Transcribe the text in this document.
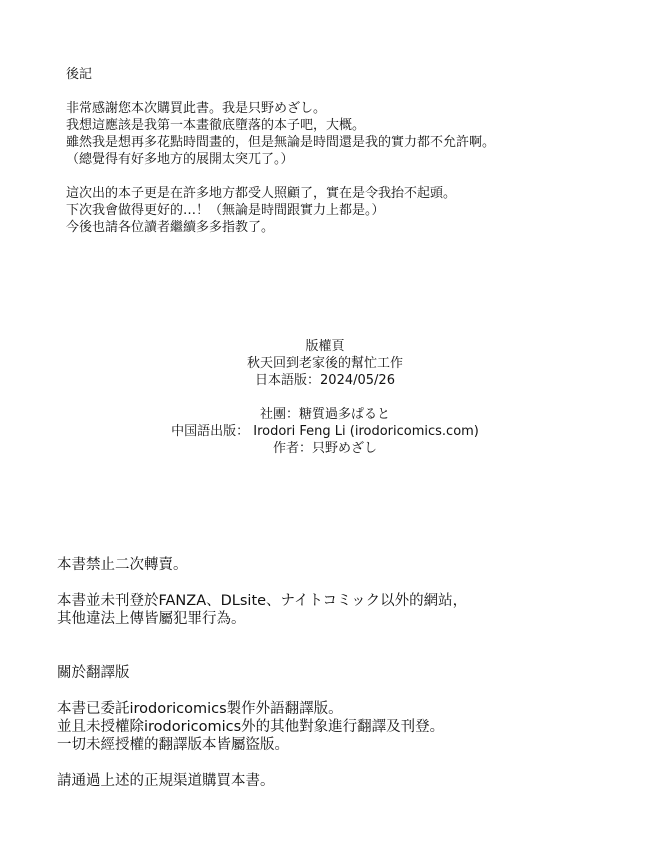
後記
非常感謝您本次購買此書。我是只野めざし。
我想這應該是我第一本畫徹底墮落的本子吧，大概。
雖然我是想再多花點時間畫的，但是無論是時間還是我的實力都不允許啊。
（總覺得有好多地方的展開太突兀了。）
這次出的本子更是在許多地方都受人照顧了，實在是令我抬不起頭。
下次我會做得更好的…！（無論是時間跟實力上都是。）
今後也請各位讀者繼續多多指教了。
版權頁
秋天回到老家後的幫忙工作
日本語版：2024/05/26
社團：糖質過多ぱると
中国語出版： Irodori Feng Li (irodoricomics.com)
作者：只野めざし
本書禁止二次轉賣。
本書並未刊登於FANZA、DLsite、ナイトコミック以外的網站，
其他違法上傳皆屬犯罪行為。
關於翻譯版
本書已委託irodoricomics製作外語翻譯版。
並且未授權除irodoricomics外的其他對象進行翻譯及刊登。
一切未經授權的翻譯版本皆屬盜版。
請通過上述的正規渠道購買本書。
